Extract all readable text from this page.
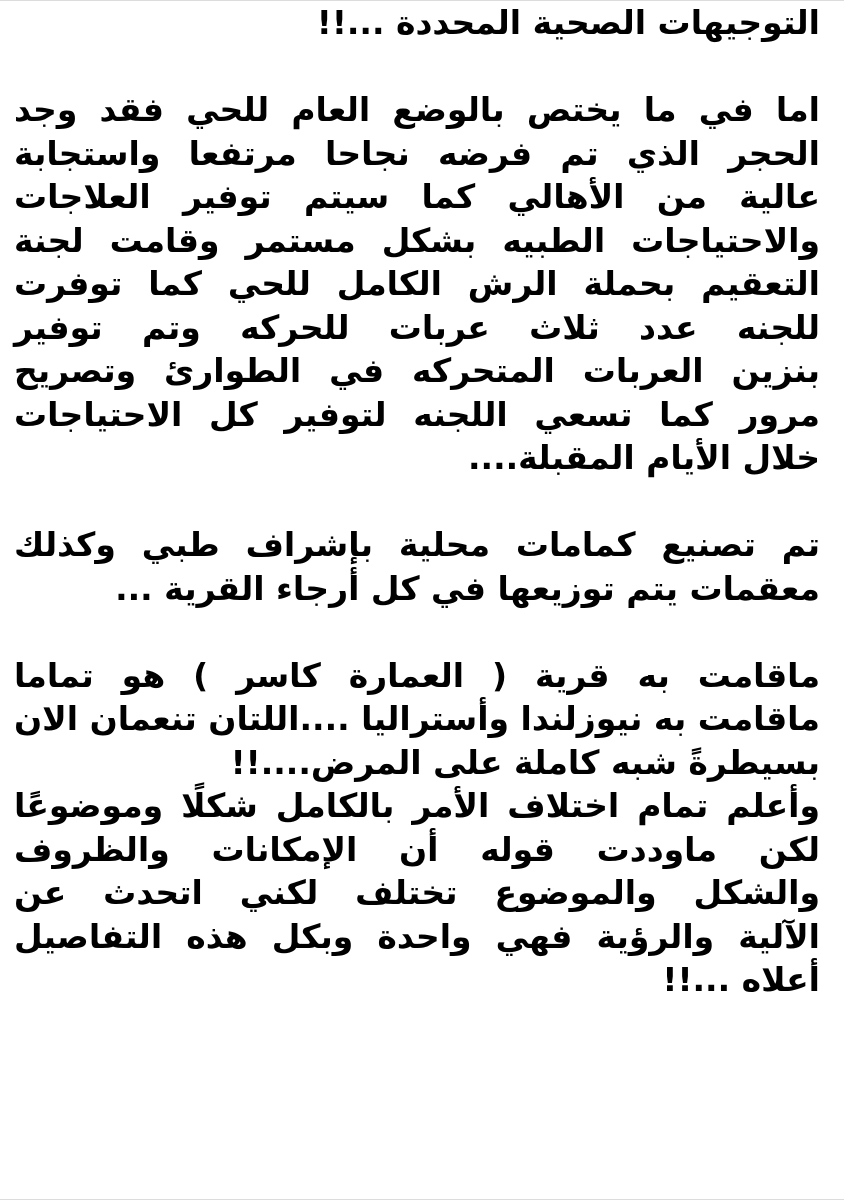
التوجيهات الصحية المحددة ...!!
اما في ما يختص بالوضع العام للحي فقد وجد
الحجر الذي تم فرضه نجاحا مرتفعا واستجابة
عالية من الأهالي كما سيتم توفير العلاجات
والاحتياجات الطبيه بشكل مستمر وقامت لجنة
التعقيم بحملة الرش الكامل للحي كما توفرت
للجنه عدد ثلاث عربات للحركه وتم توفير
بنزين العربات المتحركه في الطوارئ وتصريح
مرور كما تسعي اللجنه لتوفير كل الاحتياجات
خلال الأيام المقبلة....
تم تصنيع كمامات محلية بإشراف طبي وكذلك
معقمات يتم توزيعها في كل أرجاء القرية ...
ماقامت به قرية ( العمارة كاسر ) هو تماما
ماقامت به نيوزلندا وأستراليا ....اللتان تنعمان الان
بسيطرةً شبه كاملة على المرض....!!
وأعلم تمام اختلاف الأمر بالكامل شكلًا وموضوعًا
لكن ماوددت قوله أن الإمكانات والظروف
والشكل والموضوع تختلف لكني اتحدث عن
الآلية والرؤية فهي واحدة وبكل هذه التفاصيل
أعلاه ...!!
